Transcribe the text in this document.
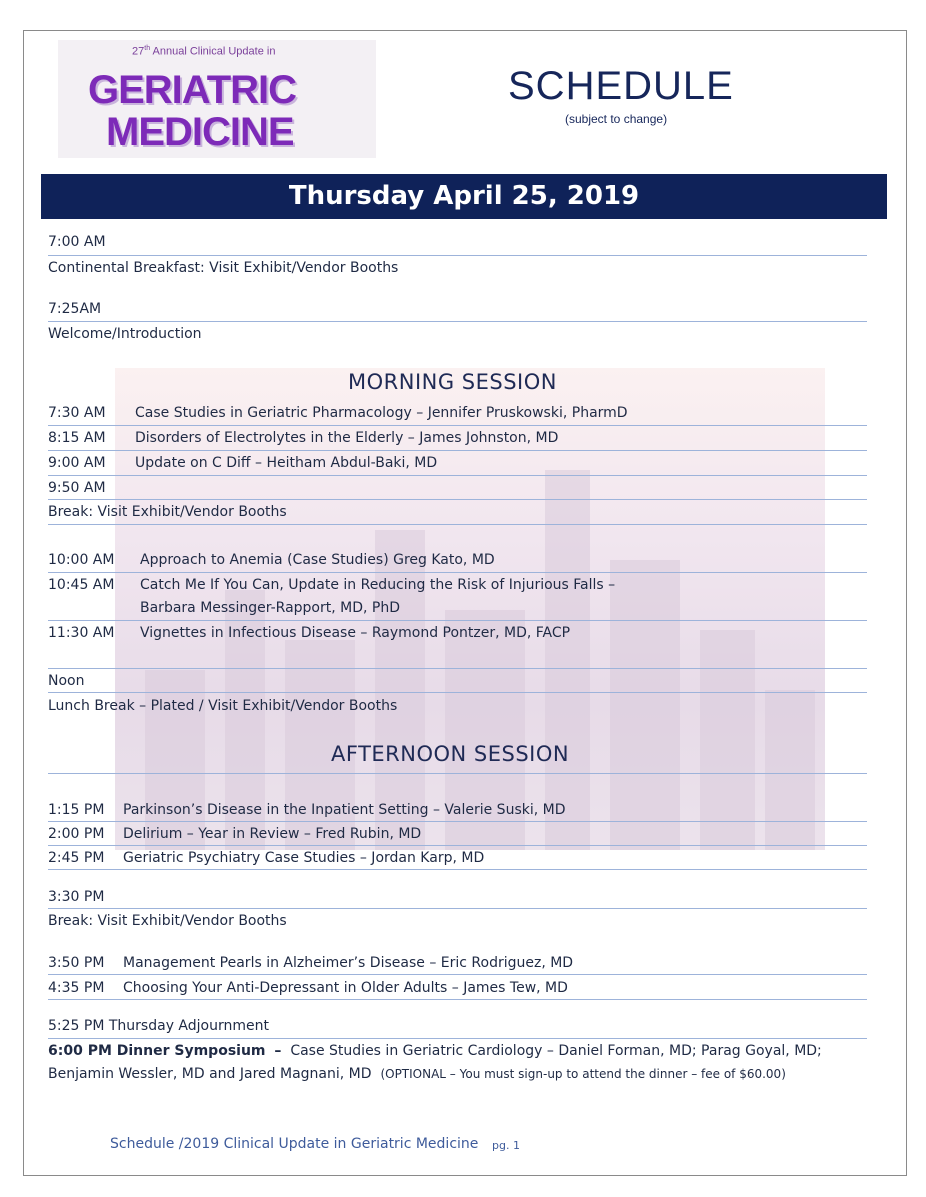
27th Annual Clinical Update in
GERIATRIC
MEDICINE
SCHEDULE
(subject to change)
Thursday April 25, 2019
7:00 AM
Continental Breakfast: Visit Exhibit/Vendor Booths
7:25AM
Welcome/Introduction
MORNING SESSION
7:30 AM Case Studies in Geriatric Pharmacology – Jennifer Pruskowski, PharmD
8:15 AM Disorders of Electrolytes in the Elderly – James Johnston, MD
9:00 AM Update on C Diff – Heitham Abdul-Baki, MD
9:50 AM
Break: Visit Exhibit/Vendor Booths
10:00 AM Approach to Anemia (Case Studies) Greg Kato, MD
10:45 AM Catch Me If You Can, Update in Reducing the Risk of Injurious Falls –
Barbara Messinger-Rapport, MD, PhD
11:30 AM Vignettes in Infectious Disease – Raymond Pontzer, MD, FACP
Noon
Lunch Break – Plated / Visit Exhibit/Vendor Booths
AFTERNOON SESSION
1:15 PM Parkinson’s Disease in the Inpatient Setting – Valerie Suski, MD
2:00 PM Delirium – Year in Review – Fred Rubin, MD
2:45 PM Geriatric Psychiatry Case Studies – Jordan Karp, MD
3:30 PM
Break: Visit Exhibit/Vendor Booths
3:50 PM Management Pearls in Alzheimer’s Disease – Eric Rodriguez, MD
4:35 PM Choosing Your Anti-Depressant in Older Adults – James Tew, MD
5:25 PM Thursday Adjournment
6:00 PM Dinner Symposium – Case Studies in Geriatric Cardiology – Daniel Forman, MD; Parag Goyal, MD;
Benjamin Wessler, MD and Jared Magnani, MD (OPTIONAL – You must sign-up to attend the dinner – fee of $60.00)
Schedule /2019 Clinical Update in Geriatric Medicine pg. 1
